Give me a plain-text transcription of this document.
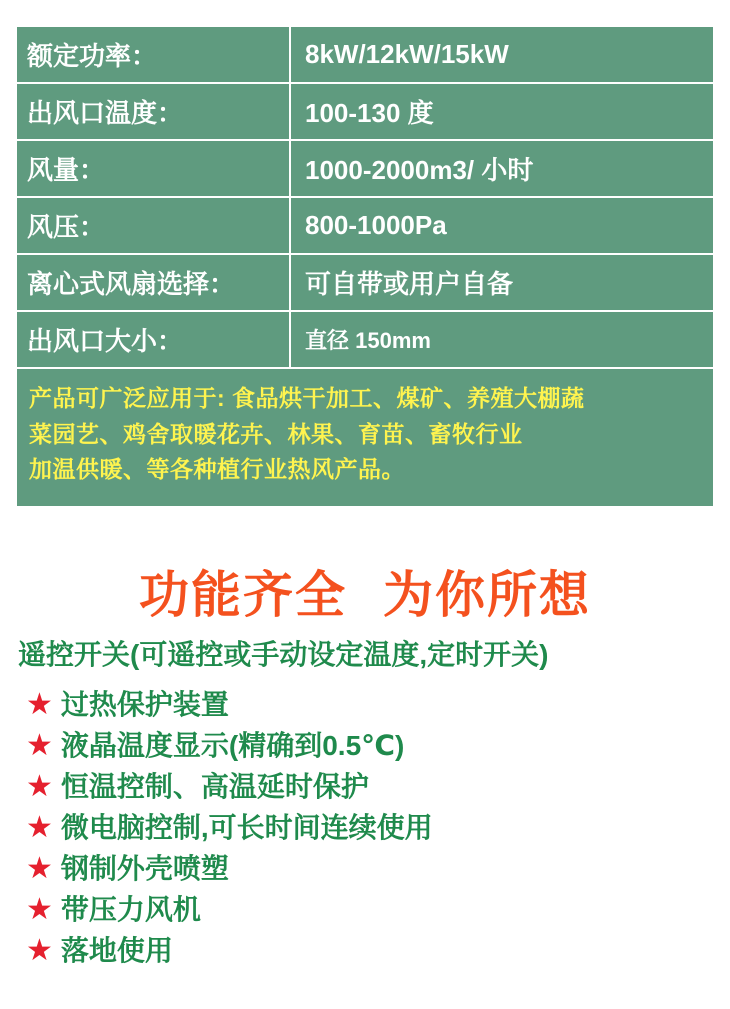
额定功率：	8kW/12kW/15kW
出风口温度：	100-130 度
风量：	1000-2000m3/ 小时
风压：	800-1000Pa
离心式风扇选择：	可自带或用户自备
出风口大小：	直径 150mm

产品可广泛应用于: 食品烘干加工、煤矿、养殖大棚蔬

菜园艺、鸡舍取暖花卉、林果、育苗、畜牧行业

加温供暖、等各种植行业热风产品。

功能齐全 为你所想
遥控开关(可遥控或手动设定温度,定时开关)
★ 过热保护装置
★ 液晶温度显示(精确到0.5℃)
★ 恒温控制、高温延时保护
★ 微电脑控制,可长时间连续使用
★ 钢制外壳喷塑
★ 带压力风机
★ 落地使用
